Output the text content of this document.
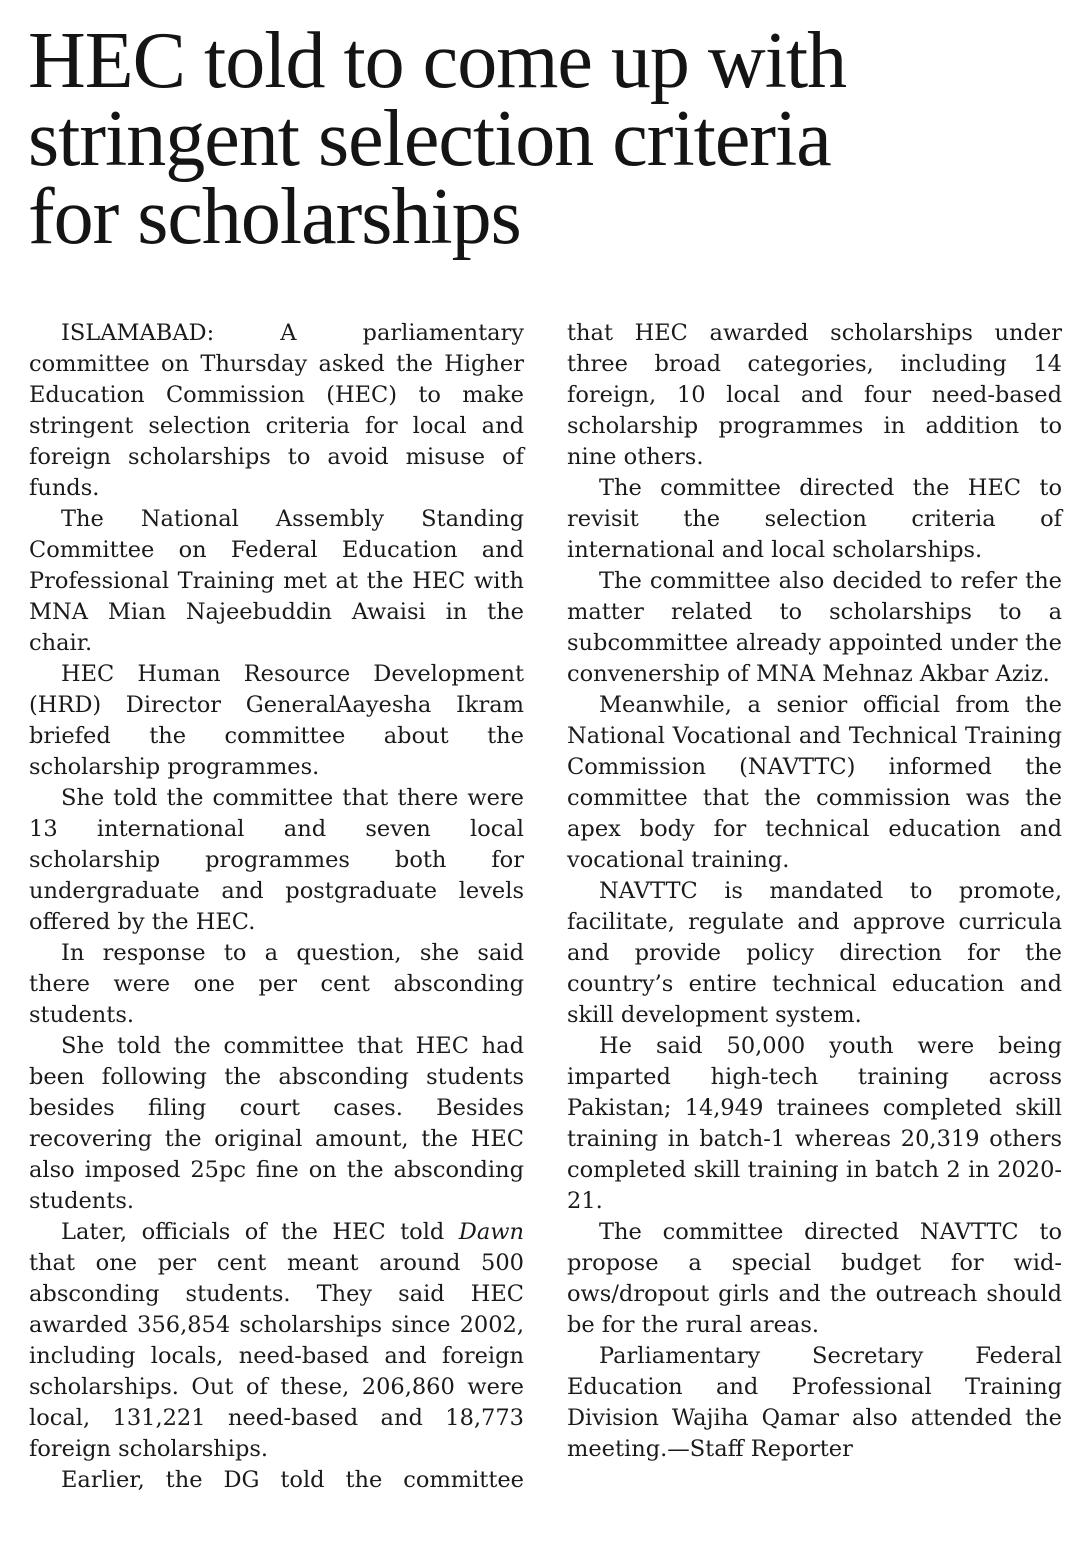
HEC told to come up with
stringent selection criteria
for scholarships

ISLAMABAD: A parliamentary committee on Thursday asked the Higher Education Commission (HEC) to make stringent selection criteria for local and foreign scholarships to avoid misuse of funds.

The National Assembly Standing Committee on Federal Education and Professional Training met at the HEC with MNA Mian Najeebuddin Awaisi in the chair.

HEC Human Resource Development (HRD) Director GeneralAayesha Ikram briefed the committee about the scholarship programmes.

She told the committee that there were 13 international and seven local scholarship programmes both for undergraduate and postgraduate levels offered by the HEC.

In response to a question, she said there were one per cent absconding students.

She told the committee that HEC had been following the absconding students besides filing court cases. Besides recovering the original amount, the HEC also imposed 25pc fine on the absconding students.

Later, officials of the HEC told Dawn that one per cent meant around 500 absconding students. They said HEC awarded 356,854 scholarships since 2002, including locals, need-based and foreign scholarships. Out of these, 206,860 were local, 131,221 need-based and 18,773 foreign scholarships.

Earlier, the DG told the committee

that HEC awarded scholarships under three broad categories, including 14 foreign, 10 local and four need-based scholarship programmes in addition to nine others.

The committee directed the HEC to revisit the selection criteria of international and local scholarships.

The committee also decided to refer the matter related to scholarships to a subcommittee already appointed under the convenership of MNA Mehnaz Akbar Aziz.

Meanwhile, a senior official from the National Vocational and Technical Training Commission (NAVTTC) informed the committee that the commission was the apex body for technical education and vocational training.

NAVTTC is mandated to promote, facilitate, regulate and approve curricula and provide policy direction for the country’s entire technical education and skill development system.

He said 50,000 youth were being imparted high-tech training across Pakistan; 14,949 trainees completed skill training in batch-1 whereas 20,319 others completed skill training in batch 2 in 2020-21.

The committee directed NAVTTC to propose a special budget for widows/dropout girls and the outreach should be for the rural areas.

Parliamentary Secretary Federal Education and Professional Training Division Wajiha Qamar also attended the meeting.—Staff Reporter
